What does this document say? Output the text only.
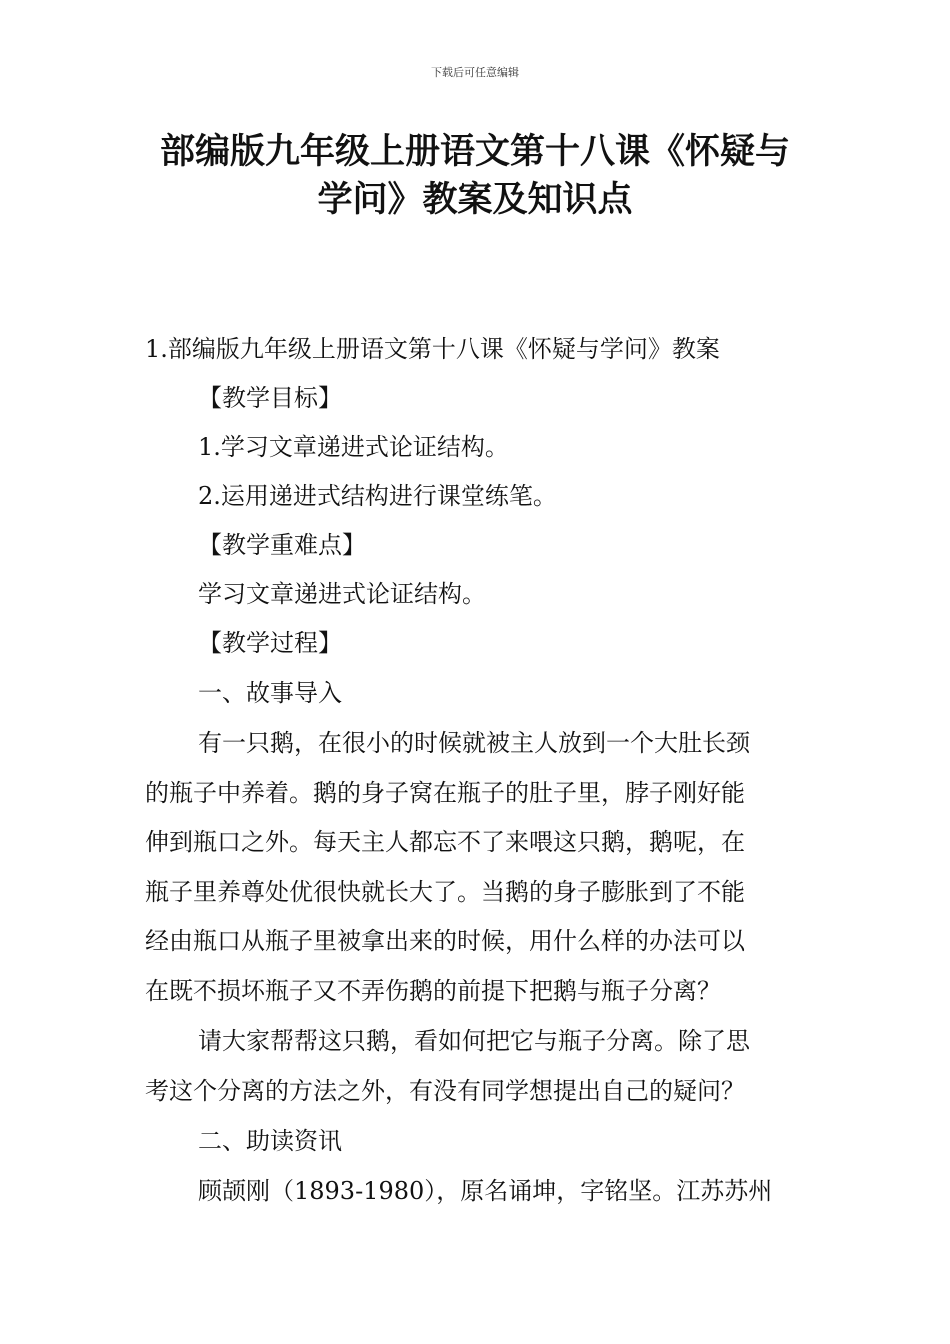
下载后可任意编辑
部编版九年级上册语文第十八课《怀疑与
学问》教案及知识点
1.部编版九年级上册语文第十八课《怀疑与学问》教案
【教学目标】
1.学习文章递进式论证结构。
2.运用递进式结构进行课堂练笔。
【教学重难点】
学习文章递进式论证结构。
【教学过程】
一、故事导入
有一只鹅，在很小的时候就被主人放到一个大肚长颈
的瓶子中养着。鹅的身子窝在瓶子的肚子里，脖子刚好能
伸到瓶口之外。每天主人都忘不了来喂这只鹅，鹅呢，在
瓶子里养尊处优很快就长大了。当鹅的身子膨胀到了不能
经由瓶口从瓶子里被拿出来的时候，用什么样的办法可以
在既不损坏瓶子又不弄伤鹅的前提下把鹅与瓶子分离？
请大家帮帮这只鹅，看如何把它与瓶子分离。除了思
考这个分离的方法之外，有没有同学想提出自己的疑问？
二、助读资讯
顾颉刚（1893-1980），原名诵坤，字铭坚。江苏苏州
